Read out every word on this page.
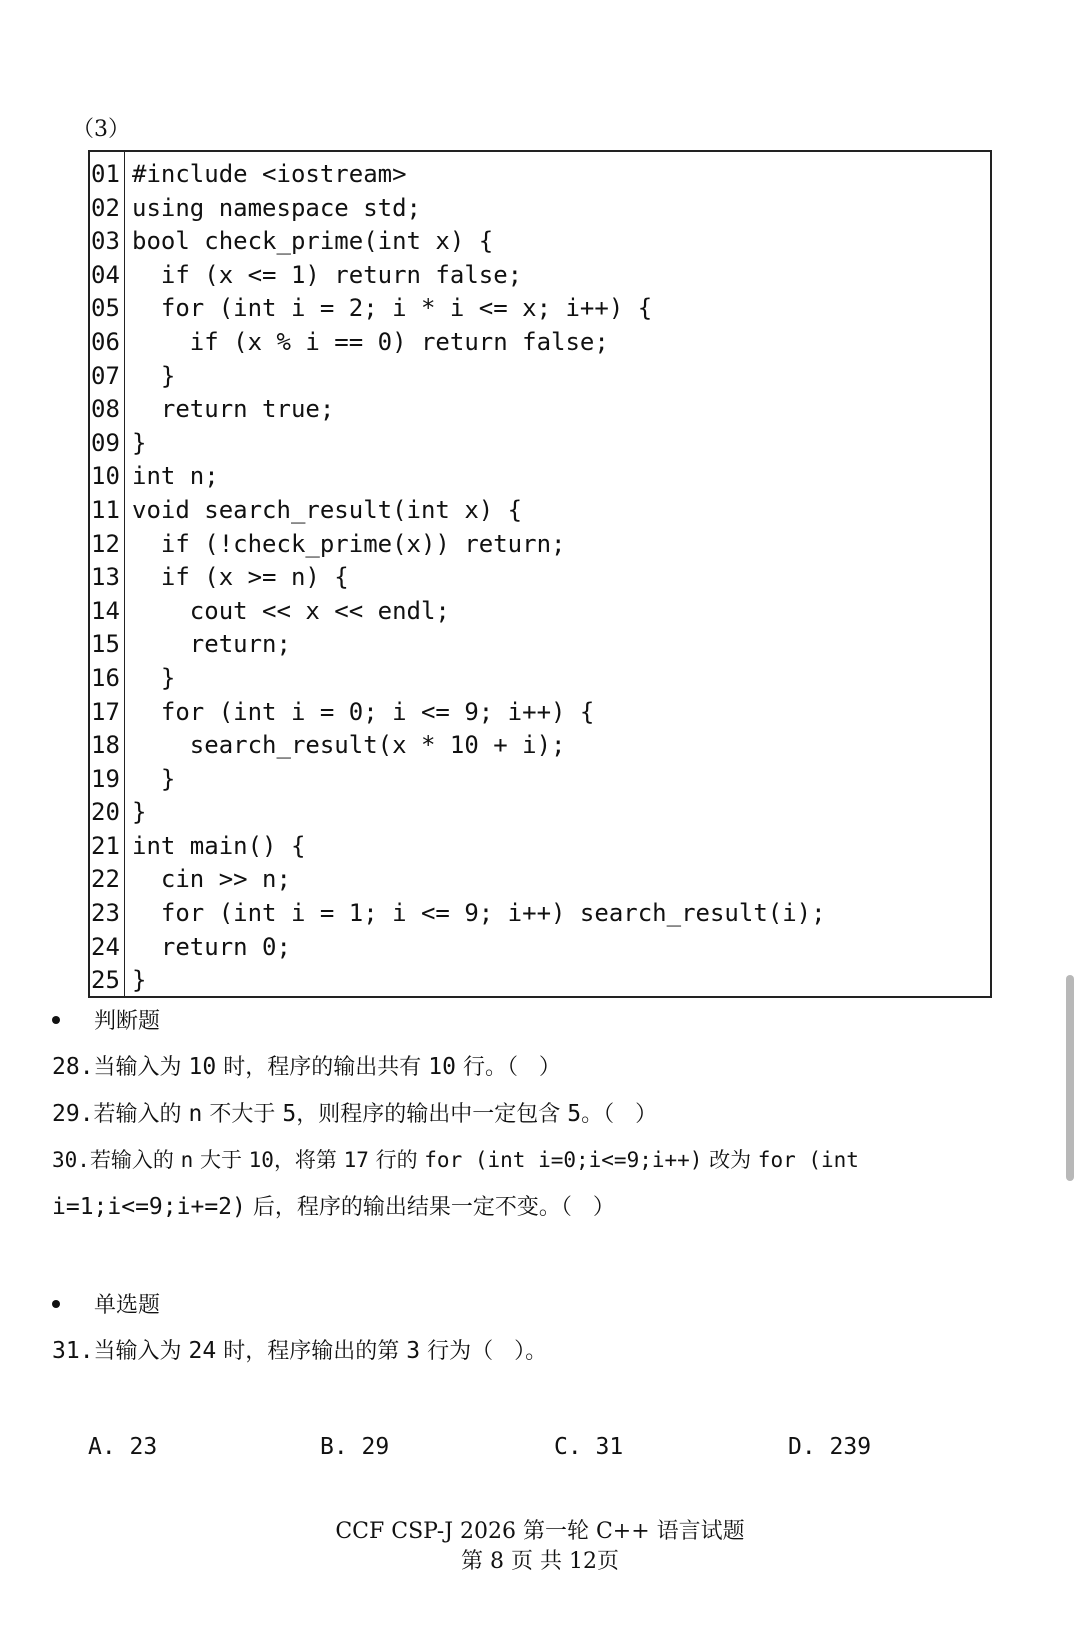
（3）
01 #include <iostream>
02 using namespace std;
03 bool check_prime(int x) {
04 if (x <= 1) return false;
05 for (int i = 2; i * i <= x; i++) {
06 if (x % i == 0) return false;
07 }
08 return true;
09 }
10 int n;
11 void search_result(int x) {
12 if (!check_prime(x)) return;
13 if (x >= n) {
14 cout << x << endl;
15 return;
16 }
17 for (int i = 0; i <= 9; i++) {
18 search_result(x * 10 + i);
19 }
20 }
21 int main() {
22 cin >> n;
23 for (int i = 1; i <= 9; i++) search_result(i);
24 return 0;
25 }
判断题
28.当输入为 10 时，程序的输出共有 10 行。（   ）
29.若输入的 n 不大于 5，则程序的输出中一定包含 5。（   ）
30.若输入的 n 大于 10，将第 17 行的 for (int i=0;i<=9;i++) 改为 for (int
i=1;i<=9;i+=2) 后，程序的输出结果一定不变。（   ）
单选题
31.当输入为 24 时，程序输出的第 3 行为（   ）。
A. 23	B. 29	C. 31	D. 239
CCF CSP-J 2026 第一轮 C++ 语言试题
第 8 页 共 12页
